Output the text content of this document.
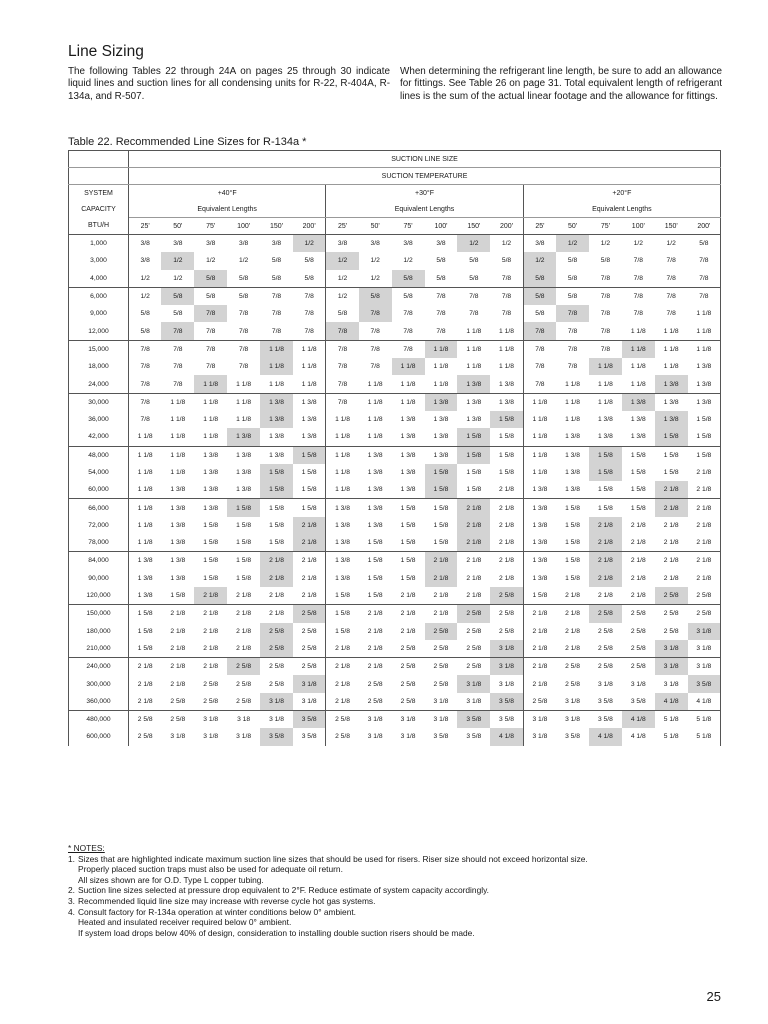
Line Sizing

The following Tables 22 through 24A on pages 25 through 30 indicate liquid lines and suction lines for all condensing units for R-22, R-404A, R-134a, and R-507.

When determining the refrigerant line length, be sure to add an allowance for fittings. See Table 26 on page 31. Total equivalent length of refrigerant lines is the sum of the actual linear footage and the allowance for fittings.

Table 22. Recommended Line Sizes for R-134a *
	SUCTION LINE SIZE																	
	SUCTION TEMPERATURE																	
SYSTEM	+40°F						+30°F						+20°F					
CAPACITY	Equivalent Lengths						Equivalent Lengths						Equivalent Lengths					
BTU/H	25'	50'	75'	100'	150'	200'	25'	50'	75'	100'	150'	200'	25'	50'	75'	100'	150'	200'
1,000	3/8	3/8	3/8	3/8	3/8	1/2	3/8	3/8	3/8	3/8	1/2	1/2	3/8	1/2	1/2	1/2	1/2	5/8
3,000	3/8	1/2	1/2	1/2	5/8	5/8	1/2	1/2	1/2	5/8	5/8	5/8	1/2	5/8	5/8	7/8	7/8	7/8
4,000	1/2	1/2	5/8	5/8	5/8	5/8	1/2	1/2	5/8	5/8	5/8	7/8	5/8	5/8	7/8	7/8	7/8	7/8
6,000	1/2	5/8	5/8	5/8	7/8	7/8	1/2	5/8	5/8	7/8	7/8	7/8	5/8	5/8	7/8	7/8	7/8	7/8
9,000	5/8	5/8	7/8	7/8	7/8	7/8	5/8	7/8	7/8	7/8	7/8	7/8	5/8	7/8	7/8	7/8	7/8	1 1/8
12,000	5/8	7/8	7/8	7/8	7/8	7/8	7/8	7/8	7/8	7/8	1 1/8	1 1/8	7/8	7/8	7/8	1 1/8	1 1/8	1 1/8
15,000	7/8	7/8	7/8	7/8	1 1/8	1 1/8	7/8	7/8	7/8	1 1/8	1 1/8	1 1/8	7/8	7/8	7/8	1 1/8	1 1/8	1 1/8
18,000	7/8	7/8	7/8	7/8	1 1/8	1 1/8	7/8	7/8	1 1/8	1 1/8	1 1/8	1 1/8	7/8	7/8	1 1/8	1 1/8	1 1/8	1 3/8
24,000	7/8	7/8	1 1/8	1 1/8	1 1/8	1 1/8	7/8	1 1/8	1 1/8	1 1/8	1 3/8	1 3/8	7/8	1 1/8	1 1/8	1 1/8	1 3/8	1 3/8
30,000	7/8	1 1/8	1 1/8	1 1/8	1 3/8	1 3/8	7/8	1 1/8	1 1/8	1 3/8	1 3/8	1 3/8	1 1/8	1 1/8	1 1/8	1 3/8	1 3/8	1 3/8
36,000	7/8	1 1/8	1 1/8	1 1/8	1 3/8	1 3/8	1 1/8	1 1/8	1 3/8	1 3/8	1 3/8	1 5/8	1 1/8	1 1/8	1 3/8	1 3/8	1 3/8	1 5/8
42,000	1 1/8	1 1/8	1 1/8	1 3/8	1 3/8	1 3/8	1 1/8	1 1/8	1 3/8	1 3/8	1 5/8	1 5/8	1 1/8	1 3/8	1 3/8	1 3/8	1 5/8	1 5/8
48,000	1 1/8	1 1/8	1 3/8	1 3/8	1 3/8	1 5/8	1 1/8	1 3/8	1 3/8	1 3/8	1 5/8	1 5/8	1 1/8	1 3/8	1 5/8	1 5/8	1 5/8	1 5/8
54,000	1 1/8	1 1/8	1 3/8	1 3/8	1 5/8	1 5/8	1 1/8	1 3/8	1 3/8	1 5/8	1 5/8	1 5/8	1 1/8	1 3/8	1 5/8	1 5/8	1 5/8	2 1/8
60,000	1 1/8	1 3/8	1 3/8	1 3/8	1 5/8	1 5/8	1 1/8	1 3/8	1 3/8	1 5/8	1 5/8	2 1/8	1 3/8	1 3/8	1 5/8	1 5/8	2 1/8	2 1/8
66,000	1 1/8	1 3/8	1 3/8	1 5/8	1 5/8	1 5/8	1 3/8	1 3/8	1 5/8	1 5/8	2 1/8	2 1/8	1 3/8	1 5/8	1 5/8	1 5/8	2 1/8	2 1/8
72,000	1 1/8	1 3/8	1 5/8	1 5/8	1 5/8	2 1/8	1 3/8	1 3/8	1 5/8	1 5/8	2 1/8	2 1/8	1 3/8	1 5/8	2 1/8	2 1/8	2 1/8	2 1/8
78,000	1 1/8	1 3/8	1 5/8	1 5/8	1 5/8	2 1/8	1 3/8	1 5/8	1 5/8	1 5/8	2 1/8	2 1/8	1 3/8	1 5/8	2 1/8	2 1/8	2 1/8	2 1/8
84,000	1 3/8	1 3/8	1 5/8	1 5/8	2 1/8	2 1/8	1 3/8	1 5/8	1 5/8	2 1/8	2 1/8	2 1/8	1 3/8	1 5/8	2 1/8	2 1/8	2 1/8	2 1/8
90,000	1 3/8	1 3/8	1 5/8	1 5/8	2 1/8	2 1/8	1 3/8	1 5/8	1 5/8	2 1/8	2 1/8	2 1/8	1 3/8	1 5/8	2 1/8	2 1/8	2 1/8	2 1/8
120,000	1 3/8	1 5/8	2 1/8	2 1/8	2 1/8	2 1/8	1 5/8	1 5/8	2 1/8	2 1/8	2 1/8	2 5/8	1 5/8	2 1/8	2 1/8	2 1/8	2 5/8	2 5/8
150,000	1 5/8	2 1/8	2 1/8	2 1/8	2 1/8	2 5/8	1 5/8	2 1/8	2 1/8	2 1/8	2 5/8	2 5/8	2 1/8	2 1/8	2 5/8	2 5/8	2 5/8	2 5/8
180,000	1 5/8	2 1/8	2 1/8	2 1/8	2 5/8	2 5/8	1 5/8	2 1/8	2 1/8	2 5/8	2 5/8	2 5/8	2 1/8	2 1/8	2 5/8	2 5/8	2 5/8	3 1/8
210,000	1 5/8	2 1/8	2 1/8	2 1/8	2 5/8	2 5/8	2 1/8	2 1/8	2 5/8	2 5/8	2 5/8	3 1/8	2 1/8	2 1/8	2 5/8	2 5/8	3 1/8	3 1/8
240,000	2 1/8	2 1/8	2 1/8	2 5/8	2 5/8	2 5/8	2 1/8	2 1/8	2 5/8	2 5/8	2 5/8	3 1/8	2 1/8	2 5/8	2 5/8	2 5/8	3 1/8	3 1/8
300,000	2 1/8	2 1/8	2 5/8	2 5/8	2 5/8	3 1/8	2 1/8	2 5/8	2 5/8	2 5/8	3 1/8	3 1/8	2 1/8	2 5/8	3 1/8	3 1/8	3 1/8	3 5/8
360,000	2 1/8	2 5/8	2 5/8	2 5/8	3 1/8	3 1/8	2 1/8	2 5/8	2 5/8	3 1/8	3 1/8	3 5/8	2 5/8	3 1/8	3 5/8	3 5/8	4 1/8	4 1/8
480,000	2 5/8	2 5/8	3 1/8	3 18	3 1/8	3 5/8	2 5/8	3 1/8	3 1/8	3 1/8	3 5/8	3 5/8	3 1/8	3 1/8	3 5/8	4 1/8	5 1/8	5 1/8
600,000	2 5/8	3 1/8	3 1/8	3 1/8	3 5/8	3 5/8	2 5/8	3 1/8	3 1/8	3 5/8	3 5/8	4 1/8	3 1/8	3 5/8	4 1/8	4 1/8	5 1/8	5 1/8
* NOTES:
1. Sizes that are highlighted indicate maximum suction line sizes that should be used for risers. Riser size should not exceed horizontal size.
Properly placed suction traps must also be used for adequate oil return.
All sizes shown are for O.D. Type L copper tubing.
2. Suction line sizes selected at pressure drop equivalent to 2°F. Reduce estimate of system capacity accordingly.
3. Recommended liquid line size may increase with reverse cycle hot gas systems.
4. Consult factory for R-134a operation at winter conditions below 0° ambient.
Heated and insulated receiver required below 0° ambient.
If system load drops below 40% of design, consideration to installing double suction risers should be made.
25
